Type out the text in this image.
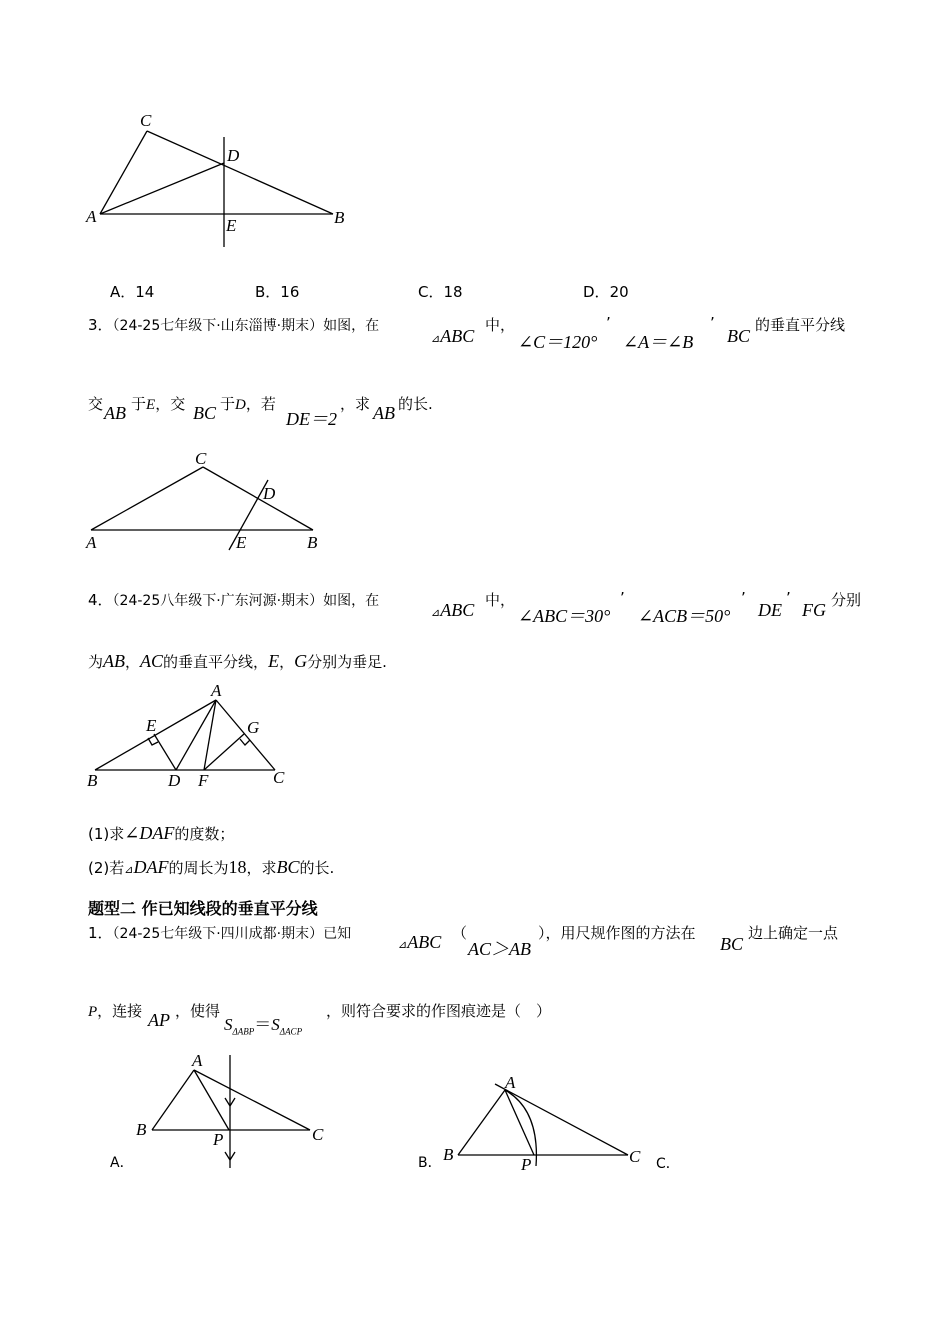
C
D
A	E	B
A．14	B．16	C．18	D．20
3．（24-25七年级下·山东淄博·期末）如图，在
⊿ABC
中，
∠C＝120°
’
∠A＝∠B
’
BC
的垂直平分线
交 AB 于E，交 BC 于D，若
DE＝2
，求 AB 的长.
C
D
A	E	B
4．（24-25八年级下·广东河源·期末）如图，在
⊿ABC 中，
∠ABC＝30°
’
∠ACB＝50°
’
DE
’
FG 分别
为AB，AC的垂直平分线，E，G分别为垂足.
A
E	G
B	D F	C
(1)求∠DAF的度数；
(2)若⊿DAF的周长为18，求BC的长.
题型二 作已知线段的垂直平分线
1．（24-25七年级下·四川成都·期末）已知
⊿ABC （
AC＞AB
），用尺规作图的方法在
BC
边上确定一点
P，连接 AP ，使得
$S_{\Delta ABP}=S_{\Delta ACP}$
，则符合要求的作图痕迹是（　）
A
B
P	C
A．
A
B
P	C
B．	C．
